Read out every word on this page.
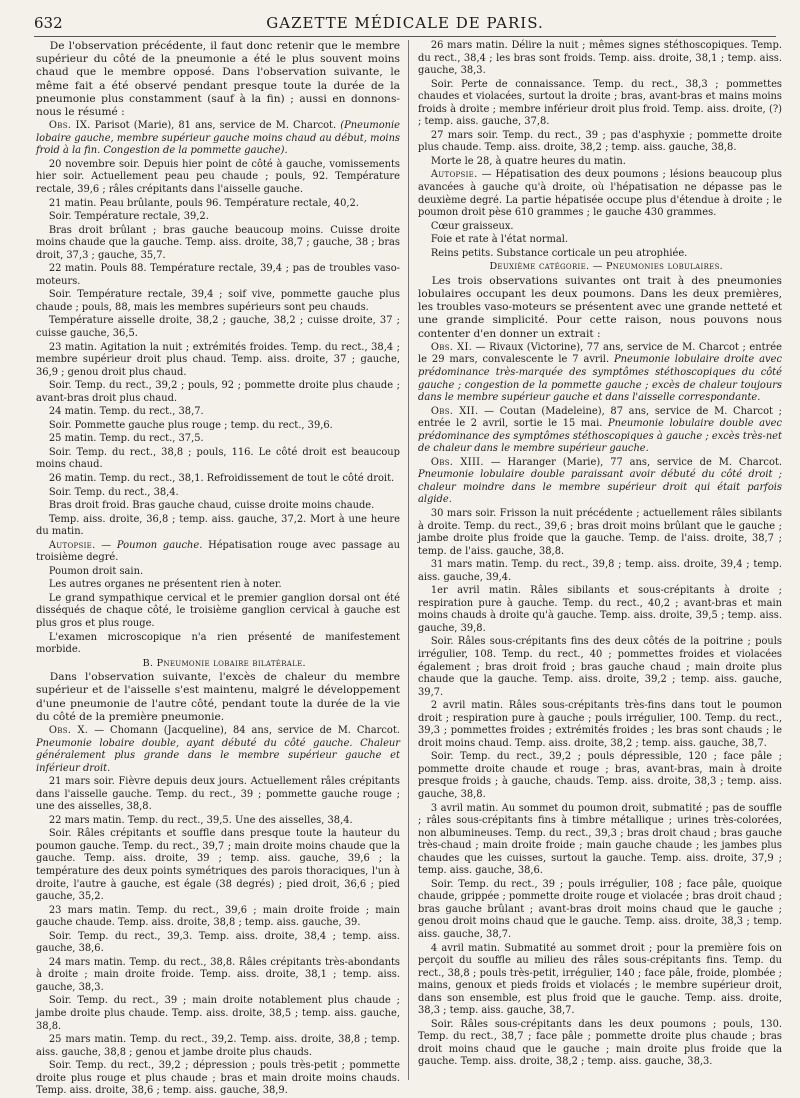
632	GAZETTE MÉDICALE DE PARIS.

De l'observation précédente, il faut donc retenir que le membre supérieur du côté de la pneumonie a été le plus souvent moins chaud que le membre opposé. Dans l'observation suivante, le même fait a été observé pendant presque toute la durée de la pneumonie plus constamment (sauf à la fin) ; aussi en donnons-nous le résumé :

Obs. IX. Parisot (Marie), 81 ans, service de M. Charcot. (Pneumonie lobaire gauche, membre supérieur gauche moins chaud au début, moins froid à la fin. Congestion de la pommette gauche).

20 novembre soir. Depuis hier point de côté à gauche, vomissements hier soir. Actuellement peau peu chaude ; pouls, 92. Température rectale, 39,6 ; râles crépitants dans l'aisselle gauche.

21 matin. Peau brûlante, pouls 96. Température rectale, 40,2.

Soir. Température rectale, 39,2.

Bras droit brûlant ; bras gauche beaucoup moins. Cuisse droite moins chaude que la gauche. Temp. aiss. droite, 38,7 ; gauche, 38 ; bras droit, 37,3 ; gauche, 35,7.

22 matin. Pouls 88. Température rectale, 39,4 ; pas de troubles vaso-moteurs.

Soir. Température rectale, 39,4 ; soif vive, pommette gauche plus chaude ; pouls, 88, mais les membres supérieurs sont peu chauds.

Température aisselle droite, 38,2 ; gauche, 38,2 ; cuisse droite, 37 ; cuisse gauche, 36,5.

23 matin. Agitation la nuit ; extrémités froides. Temp. du rect., 38,4 ; membre supérieur droit plus chaud. Temp. aiss. droite, 37 ; gauche, 36,9 ; genou droit plus chaud.

Soir. Temp. du rect., 39,2 ; pouls, 92 ; pommette droite plus chaude ; avant-bras droit plus chaud.

24 matin. Temp. du rect., 38,7.

Soir. Pommette gauche plus rouge ; temp. du rect., 39,6.

25 matin. Temp. du rect., 37,5.

Soir. Temp. du rect., 38,8 ; pouls, 116. Le côté droit est beaucoup moins chaud.

26 matin. Temp. du rect., 38,1. Refroidissement de tout le côté droit.

Soir. Temp. du rect., 38,4.

Bras droit froid. Bras gauche chaud, cuisse droite moins chaude.

Temp. aiss. droite, 36,8 ; temp. aiss. gauche, 37,2. Mort à une heure du matin.

Autopsie. — Poumon gauche. Hépatisation rouge avec passage au troisième degré.

Poumon droit sain.

Les autres organes ne présentent rien à noter.

Le grand sympathique cervical et le premier ganglion dorsal ont été disséqués de chaque côté, le troisième ganglion cervical à gauche est plus gros et plus rouge.

L'examen microscopique n'a rien présenté de manifestement morbide.

B. Pneumonie lobaire bilatérale.

Dans l'observation suivante, l'excès de chaleur du membre supérieur et de l'aisselle s'est maintenu, malgré le développement d'une pneumonie de l'autre côté, pendant toute la durée de la vie du côté de la première pneumonie.

Obs. X. — Chomann (Jacqueline), 84 ans, service de M. Charcot. Pneumonie lobaire double, ayant débuté du côté gauche. Chaleur généralement plus grande dans le membre supérieur gauche et inférieur droit.

21 mars soir. Fièvre depuis deux jours. Actuellement râles crépitants dans l'aisselle gauche. Temp. du rect., 39 ; pommette gauche rouge ; une des aisselles, 38,8.

22 mars matin. Temp. du rect., 39,5. Une des aisselles, 38,4.

Soir. Râles crépitants et souffle dans presque toute la hauteur du poumon gauche. Temp. du rect., 39,7 ; main droite moins chaude que la gauche. Temp. aiss. droite, 39 ; temp. aiss. gauche, 39,6 ; la température des deux points symétriques des parois thoraciques, l'un à droite, l'autre à gauche, est égale (38 degrés) ; pied droit, 36,6 ; pied gauche, 35,2.

23 mars matin. Temp. du rect., 39,6 ; main droite froide ; main gauche chaude. Temp. aiss. droite, 38,8 ; temp. aiss. gauche, 39.

Soir. Temp. du rect., 39,3. Temp. aiss. droite, 38,4 ; temp. aiss. gauche, 38,6.

24 mars matin. Temp. du rect., 38,8. Râles crépitants très-abondants à droite ; main droite froide. Temp. aiss. droite, 38,1 ; temp. aiss. gauche, 38,3.

Soir. Temp. du rect., 39 ; main droite notablement plus chaude ; jambe droite plus chaude. Temp. aiss. droite, 38,5 ; temp. aiss. gauche, 38,8.

25 mars matin. Temp. du rect., 39,2. Temp. aiss. droite, 38,8 ; temp. aiss. gauche, 38,8 ; genou et jambe droite plus chauds.

Soir. Temp. du rect., 39,2 ; dépression ; pouls très-petit ; pommette droite plus rouge et plus chaude ; bras et main droite moins chauds. Temp. aiss. droite, 38,6 ; temp. aiss. gauche, 38,9.

26 mars matin. Délire la nuit ; mêmes signes stéthoscopiques. Temp. du rect., 38,4 ; les bras sont froids. Temp. aiss. droite, 38,1 ; temp. aiss. gauche, 38,3.

Soir. Perte de connaissance. Temp. du rect., 38,3 ; pommettes chaudes et violacées, surtout la droite ; bras, avant-bras et mains moins froids à droite ; membre inférieur droit plus froid. Temp. aiss. droite, (?) ; temp. aiss. gauche, 37,8.

27 mars soir. Temp. du rect., 39 ; pas d'asphyxie ; pommette droite plus chaude. Temp. aiss. droite, 38,2 ; temp. aiss. gauche, 38,8.

Morte le 28, à quatre heures du matin.

Autopsie. — Hépatisation des deux poumons ; lésions beaucoup plus avancées à gauche qu'à droite, où l'hépatisation ne dépasse pas le deuxième degré. La partie hépatisée occupe plus d'étendue à droite ; le poumon droit pèse 610 grammes ; le gauche 430 grammes.

Cœur graisseux.

Foie et rate à l'état normal.

Reins petits. Substance corticale un peu atrophiée.

Deuxième catégorie. — Pneumonies lobulaires.

Les trois observations suivantes ont trait à des pneumonies lobulaires occupant les deux poumons. Dans les deux premières, les troubles vaso-moteurs se présentent avec une grande netteté et une grande simplicité. Pour cette raison, nous pouvons nous contenter d'en donner un extrait :

Obs. XI. — Rivaux (Victorine), 77 ans, service de M. Charcot ; entrée le 29 mars, convalescente le 7 avril. Pneumonie lobulaire droite avec prédominance très-marquée des symptômes stéthoscopiques du côté gauche ; congestion de la pommette gauche ; excès de chaleur toujours dans le membre supérieur gauche et dans l'aisselle correspondante.

Obs. XII. — Coutan (Madeleine), 87 ans, service de M. Charcot ; entrée le 2 avril, sortie le 15 mai. Pneumonie lobulaire double avec prédominance des symptômes stéthoscopiques à gauche ; excès très-net de chaleur dans le membre supérieur gauche.

Obs. XIII. — Haranger (Marie), 77 ans, service de M. Charcot. Pneumonie lobulaire double paraissant avoir débuté du côté droit ; chaleur moindre dans le membre supérieur droit qui était parfois algide.

30 mars soir. Frisson la nuit précédente ; actuellement râles sibilants à droite. Temp. du rect., 39,6 ; bras droit moins brûlant que le gauche ; jambe droite plus froide que la gauche. Temp. de l'aiss. droite, 38,7 ; temp. de l'aiss. gauche, 38,8.

31 mars matin. Temp. du rect., 39,8 ; temp. aiss. droite, 39,4 ; temp. aiss. gauche, 39,4.

1er avril matin. Râles sibilants et sous-crépitants à droite ; respiration pure à gauche. Temp. du rect., 40,2 ; avant-bras et main moins chauds à droite qu'à gauche. Temp. aiss. droite, 39,5 ; temp. aiss. gauche, 39,8.

Soir. Râles sous-crépitants fins des deux côtés de la poitrine ; pouls irrégulier, 108. Temp. du rect., 40 ; pommettes froides et violacées également ; bras droit froid ; bras gauche chaud ; main droite plus chaude que la gauche. Temp. aiss. droite, 39,2 ; temp. aiss. gauche, 39,7.

2 avril matin. Râles sous-crépitants très-fins dans tout le poumon droit ; respiration pure à gauche ; pouls irrégulier, 100. Temp. du rect., 39,3 ; pommettes froides ; extrémités froides ; les bras sont chauds ; le droit moins chaud. Temp. aiss. droite, 38,2 ; temp. aiss. gauche, 38,7.

Soir. Temp. du rect., 39,2 ; pouls dépressible, 120 ; face pâle ; pommette droite chaude et rouge ; bras, avant-bras, main à droite presque froids ; à gauche, chauds. Temp. aiss. droite, 38,3 ; temp. aiss. gauche, 38,8.

3 avril matin. Au sommet du poumon droit, submatité ; pas de souffle ; râles sous-crépitants fins à timbre métallique ; urines très-colorées, non albumineuses. Temp. du rect., 39,3 ; bras droit chaud ; bras gauche très-chaud ; main droite froide ; main gauche chaude ; les jambes plus chaudes que les cuisses, surtout la gauche. Temp. aiss. droite, 37,9 ; temp. aiss. gauche, 38,6.

Soir. Temp. du rect., 39 ; pouls irrégulier, 108 ; face pâle, quoique chaude, grippée ; pommette droite rouge et violacée ; bras droit chaud ; bras gauche brûlant ; avant-bras droit moins chaud que le gauche ; genou droit moins chaud que le gauche. Temp. aiss. droite, 38,3 ; temp. aiss. gauche, 38,7.

4 avril matin. Submatité au sommet droit ; pour la première fois on perçoit du souffle au milieu des râles sous-crépitants fins. Temp. du rect., 38,8 ; pouls très-petit, irrégulier, 140 ; face pâle, froide, plombée ; mains, genoux et pieds froids et violacés ; le membre supérieur droit, dans son ensemble, est plus froid que le gauche. Temp. aiss. droite, 38,3 ; temp. aiss. gauche, 38,7.

Soir. Râles sous-crépitants dans les deux poumons ; pouls, 130. Temp. du rect., 38,7 ; face pâle ; pommette droite plus chaude ; bras droit moins chaud que le gauche ; main droite plus froide que la gauche. Temp. aiss. droite, 38,2 ; temp. aiss. gauche, 38,3.
